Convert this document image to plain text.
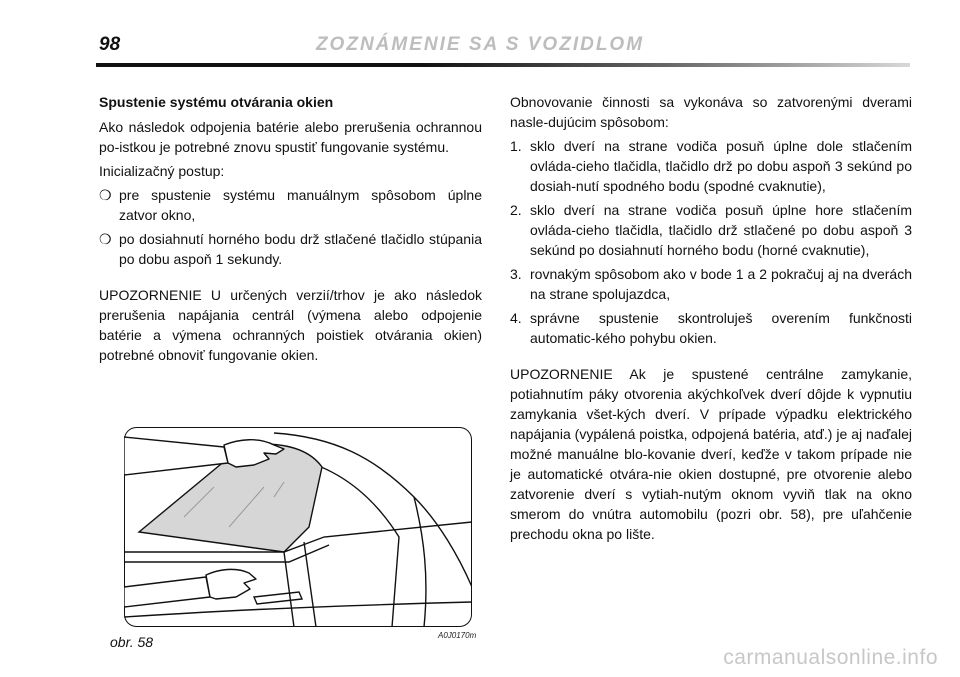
98	ZOZNÁMENIE SA S VOZIDLOM

Spustenie systému otvárania okien

Ako následok odpojenia batérie alebo prerušenia ochrannou po-istkou je potrebné znovu spustiť fungovanie systému.

Inicializačný postup:

❍ pre spustenie systému manuálnym spôsobom úplne zatvor okno,
❍ po dosiahnutí horného bodu drž stlačené tlačidlo stúpania po dobu aspoň 1 sekundy.

UPOZORNENIE U určených verzií/trhov je ako následok prerušenia napájania centrál (výmena alebo odpojenie batérie a výmena ochranných poistiek otvárania okien) potrebné obnoviť fungovanie okien.

Obnovovanie činnosti sa vykonáva so zatvorenými dverami nasle-dujúcim spôsobom:

1. sklo dverí na strane vodiča posuň úplne dole stlačením ovláda-cieho tlačidla, tlačidlo drž po dobu aspoň 3 sekúnd po dosiah-nutí spodného bodu (spodné cvaknutie),
2. sklo dverí na strane vodiča posuň úplne hore stlačením ovláda-cieho tlačidla, tlačidlo drž stlačené po dobu aspoň 3 sekúnd po dosiahnutí horného bodu (horné cvaknutie),
3. rovnakým spôsobom ako v bode 1 a 2 pokračuj aj na dverách na strane spolujazdca,
4. správne spustenie skontroluješ overením funkčnosti automatic-kého pohybu okien.

UPOZORNENIE Ak je spustené centrálne zamykanie, potiahnutím páky otvorenia akýchkoľvek dverí dôjde k vypnutiu zamykania všet-kých dverí. V prípade výpadku elektrického napájania (vypálená poistka, odpojená batéria, atď.) je aj naďalej možné manuálne blo-kovanie dverí, keďže v takom prípade nie je automatické otvára-nie okien dostupné, pre otvorenie alebo zatvorenie dverí s vytiah-nutým oknom vyviň tlak na okno smerom do vnútra automobilu (pozri obr. 58), pre uľahčenie prechodu okna po lište.

A0J0170m
obr. 58
carmanualsonline.info
